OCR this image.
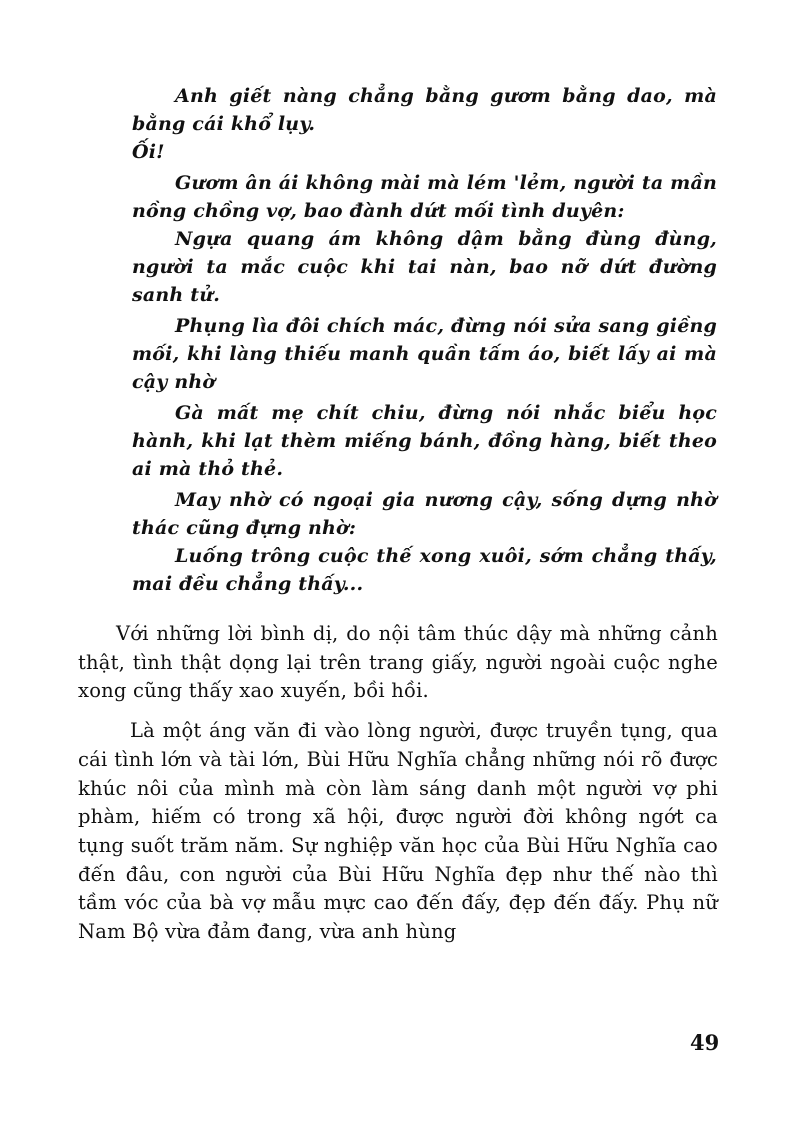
Anh giết nàng chẳng bằng gươm bằng dao, mà bằng cái khổ lụy.

Ối!

Gươm ân ái không mài mà lém 'lẻm, người ta mần nồng chồng vợ, bao đành dứt mối tình duyên:

Ngựa quang ám không dậm bằng đùng đùng, người ta mắc cuộc khi tai nàn, bao nỡ dứt đường sanh tử.

Phụng lìa đôi chích mác, đừng nói sửa sang giềng mối, khi làng thiếu manh quần tấm áo, biết lấy ai mà cậy nhờ

Gà mất mẹ chít chiu, đừng nói nhắc biểu học hành, khi lạt thèm miếng bánh, đồng hàng, biết theo ai mà thỏ thẻ.

May nhờ có ngoại gia nương cậy, sống dựng nhờ thác cũng đựng nhờ:

Luống trông cuộc thế xong xuôi, sớm chẳng thấy, mai đều chẳng thấy...

Với những lời bình dị, do nội tâm thúc dậy mà những cảnh thật, tình thật dọng lại trên trang giấy, người ngoài cuộc nghe xong cũng thấy xao xuyến, bồi hồi.

Là một áng văn đi vào lòng người, được truyền tụng, qua cái tình lớn và tài lớn, Bùi Hữu Nghĩa chẳng những nói rõ được khúc nôi của mình mà còn làm sáng danh một người vợ phi phàm, hiếm có trong xã hội, được người đời không ngớt ca tụng suốt trăm năm. Sự nghiệp văn học của Bùi Hữu Nghĩa cao đến đâu, con người của Bùi Hữu Nghĩa đẹp như thế nào thì tầm vóc của bà vợ mẫu mực cao đến đấy, đẹp đến đấy. Phụ nữ Nam Bộ vừa đảm đang, vừa anh hùng

49
